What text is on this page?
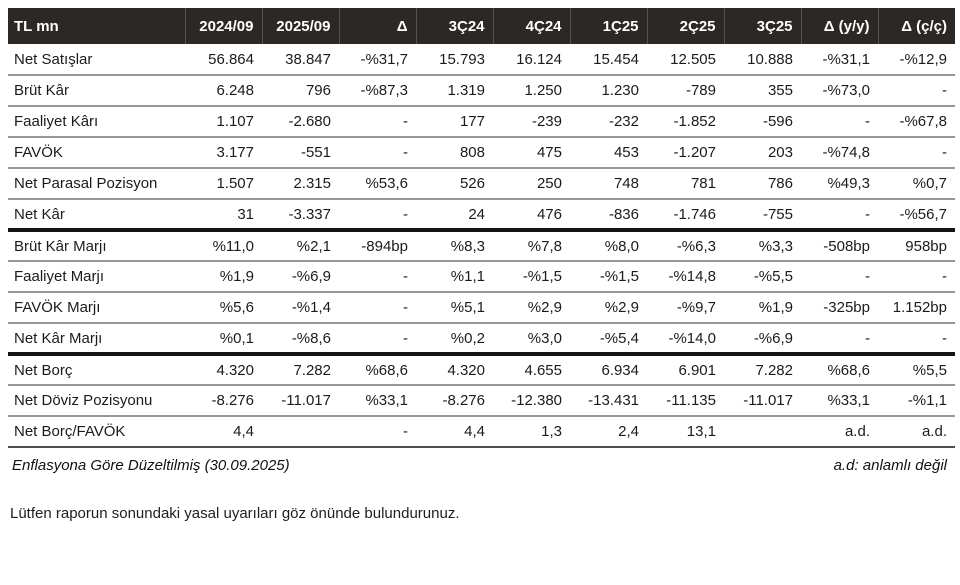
TL mn	2024/09	2025/09	Δ	3Ç24	4Ç24	1Ç25	2Ç25	3Ç25	Δ (y/y)	Δ (ç/ç)
Net Satışlar	56.864	38.847	-%31,7	15.793	16.124	15.454	12.505	10.888	-%31,1	-%12,9
Brüt Kâr	6.248	796	-%87,3	1.319	1.250	1.230	-789	355	-%73,0	-
Faaliyet Kârı	1.107	-2.680	-	177	-239	-232	-1.852	-596	-	-%67,8
FAVÖK	3.177	-551	-	808	475	453	-1.207	203	-%74,8	-
Net Parasal Pozisyon	1.507	2.315	%53,6	526	250	748	781	786	%49,3	%0,7
Net Kâr	31	-3.337	-	24	476	-836	-1.746	-755	-	-%56,7
Brüt Kâr Marjı	%11,0	%2,1	-894bp	%8,3	%7,8	%8,0	-%6,3	%3,3	-508bp	958bp
Faaliyet Marjı	%1,9	-%6,9	-	%1,1	-%1,5	-%1,5	-%14,8	-%5,5	-	-
FAVÖK Marjı	%5,6	-%1,4	-	%5,1	%2,9	%2,9	-%9,7	%1,9	-325bp	1.152bp
Net Kâr Marjı	%0,1	-%8,6	-	%0,2	%3,0	-%5,4	-%14,0	-%6,9	-	-
Net Borç	4.320	7.282	%68,6	4.320	4.655	6.934	6.901	7.282	%68,6	%5,5
Net Döviz Pozisyonu	-8.276	-11.017	%33,1	-8.276	-12.380	-13.431	-11.135	-11.017	%33,1	-%1,1
Net Borç/FAVÖK	4,4		-	4,4	1,3	2,4	13,1		a.d.	a.d.
Enflasyona Göre Düzeltilmiş (30.09.2025)	a.d: anlamlı değil

Lütfen raporun sonundaki yasal uyarıları göz önünde bulundurunuz.
